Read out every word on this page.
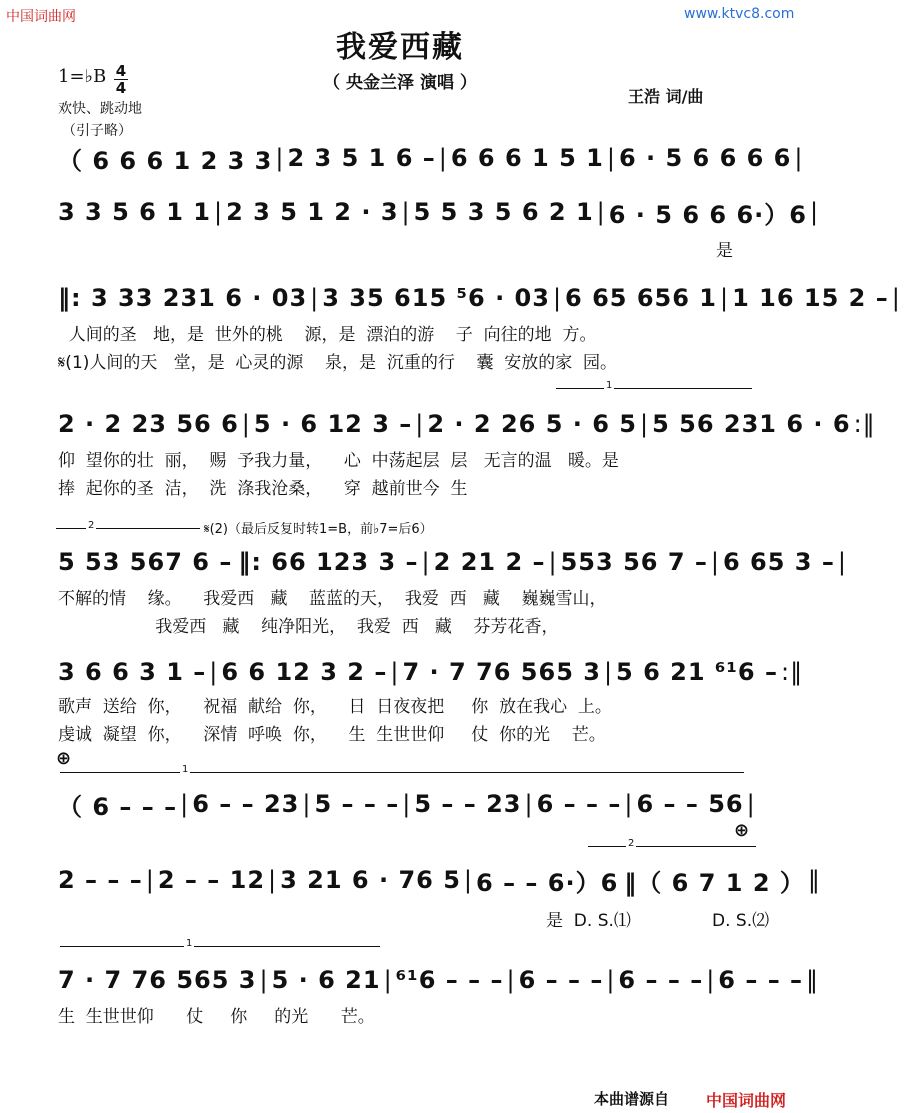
中国词曲网	www.ktvc8.com
我爱西藏
（ 央金兰泽 演唱 ）
王浩 词/曲
1=♭B 4
4
欢快、跳动地
（引子略）
（ 6 6 6 1 2 3 3 | 2 3 5 1 6 – | 6 6 6 1 5 1 | 6 · 5 6 6 6 6 |
3 3 5 6 1 1 | 2 3 5 1 2 · 3 | 5 5 3 5 6 2 1 | 6 · 5 6 6 6·）6 |
是
‖: 3 33 231 6 · 03 | 3 35 615 ⁵6 · 03 | 6 65 656 1 | 1 16 15 2 – |
人间的圣   地，是  世外的桃    源，是  漂泊的游    子  向往的地  方。
𝄋(1)人间的天   堂，是  心灵的源    泉，是  沉重的行    囊  安放的家  园。
1
2 · 2 23 56 6 | 5 · 6 12 3 – | 2 · 2 26 5 · 6 5 | 5 56 231 6 · 6 :‖
仰  望你的壮  丽，  赐  予我力量，    心  中荡起层  层   无言的温   暖。是
捧  起你的圣  洁，  洗  涤我沧桑，    穿  越前世今  生
2	𝄋(2)（最后反复时转1=B，前♭7=后6）
5 53 567 6 – ‖: 66 123 3 – | 2 21 2 – | 553 56 7 – | 6 65 3 – |
不解的情    缘。    我爱西   藏    蓝蓝的天，  我爱  西   藏    巍巍雪山，
我爱西   藏    纯净阳光，  我爱  西   藏    芬芳花香，
3 6 6 3 1 – | 6 6 12 3 2 – | 7 · 7 76 565 3 | 5 6 21 ⁶¹6 – :‖
歌声  送给  你，    祝福  献给  你，    日  日夜夜把     你  放在我心  上。
虔诚  凝望  你，    深情  呼唤  你，    生  生世世仰     仗  你的光    芒。
⊕
1
（ 6 – – – | 6 – – 23 | 5 – – – | 5 – – 23 | 6 – – – | 6 – – 56 |
⊕
2
2 – – – | 2 – – 12 | 3 21 6 · 76 5 | 6 – – 6·）6 ‖（ 6 7 1 2 ） ‖
是  D. S.⑴	D. S.⑵
1
7 · 7 76 565 3 | 5 · 6 21 | ⁶¹6 – – – | 6 – – – | 6 – – – | 6 – – – ‖
生  生世世仰      仗     你     的光      芒。
本曲谱源自 中国词曲网
